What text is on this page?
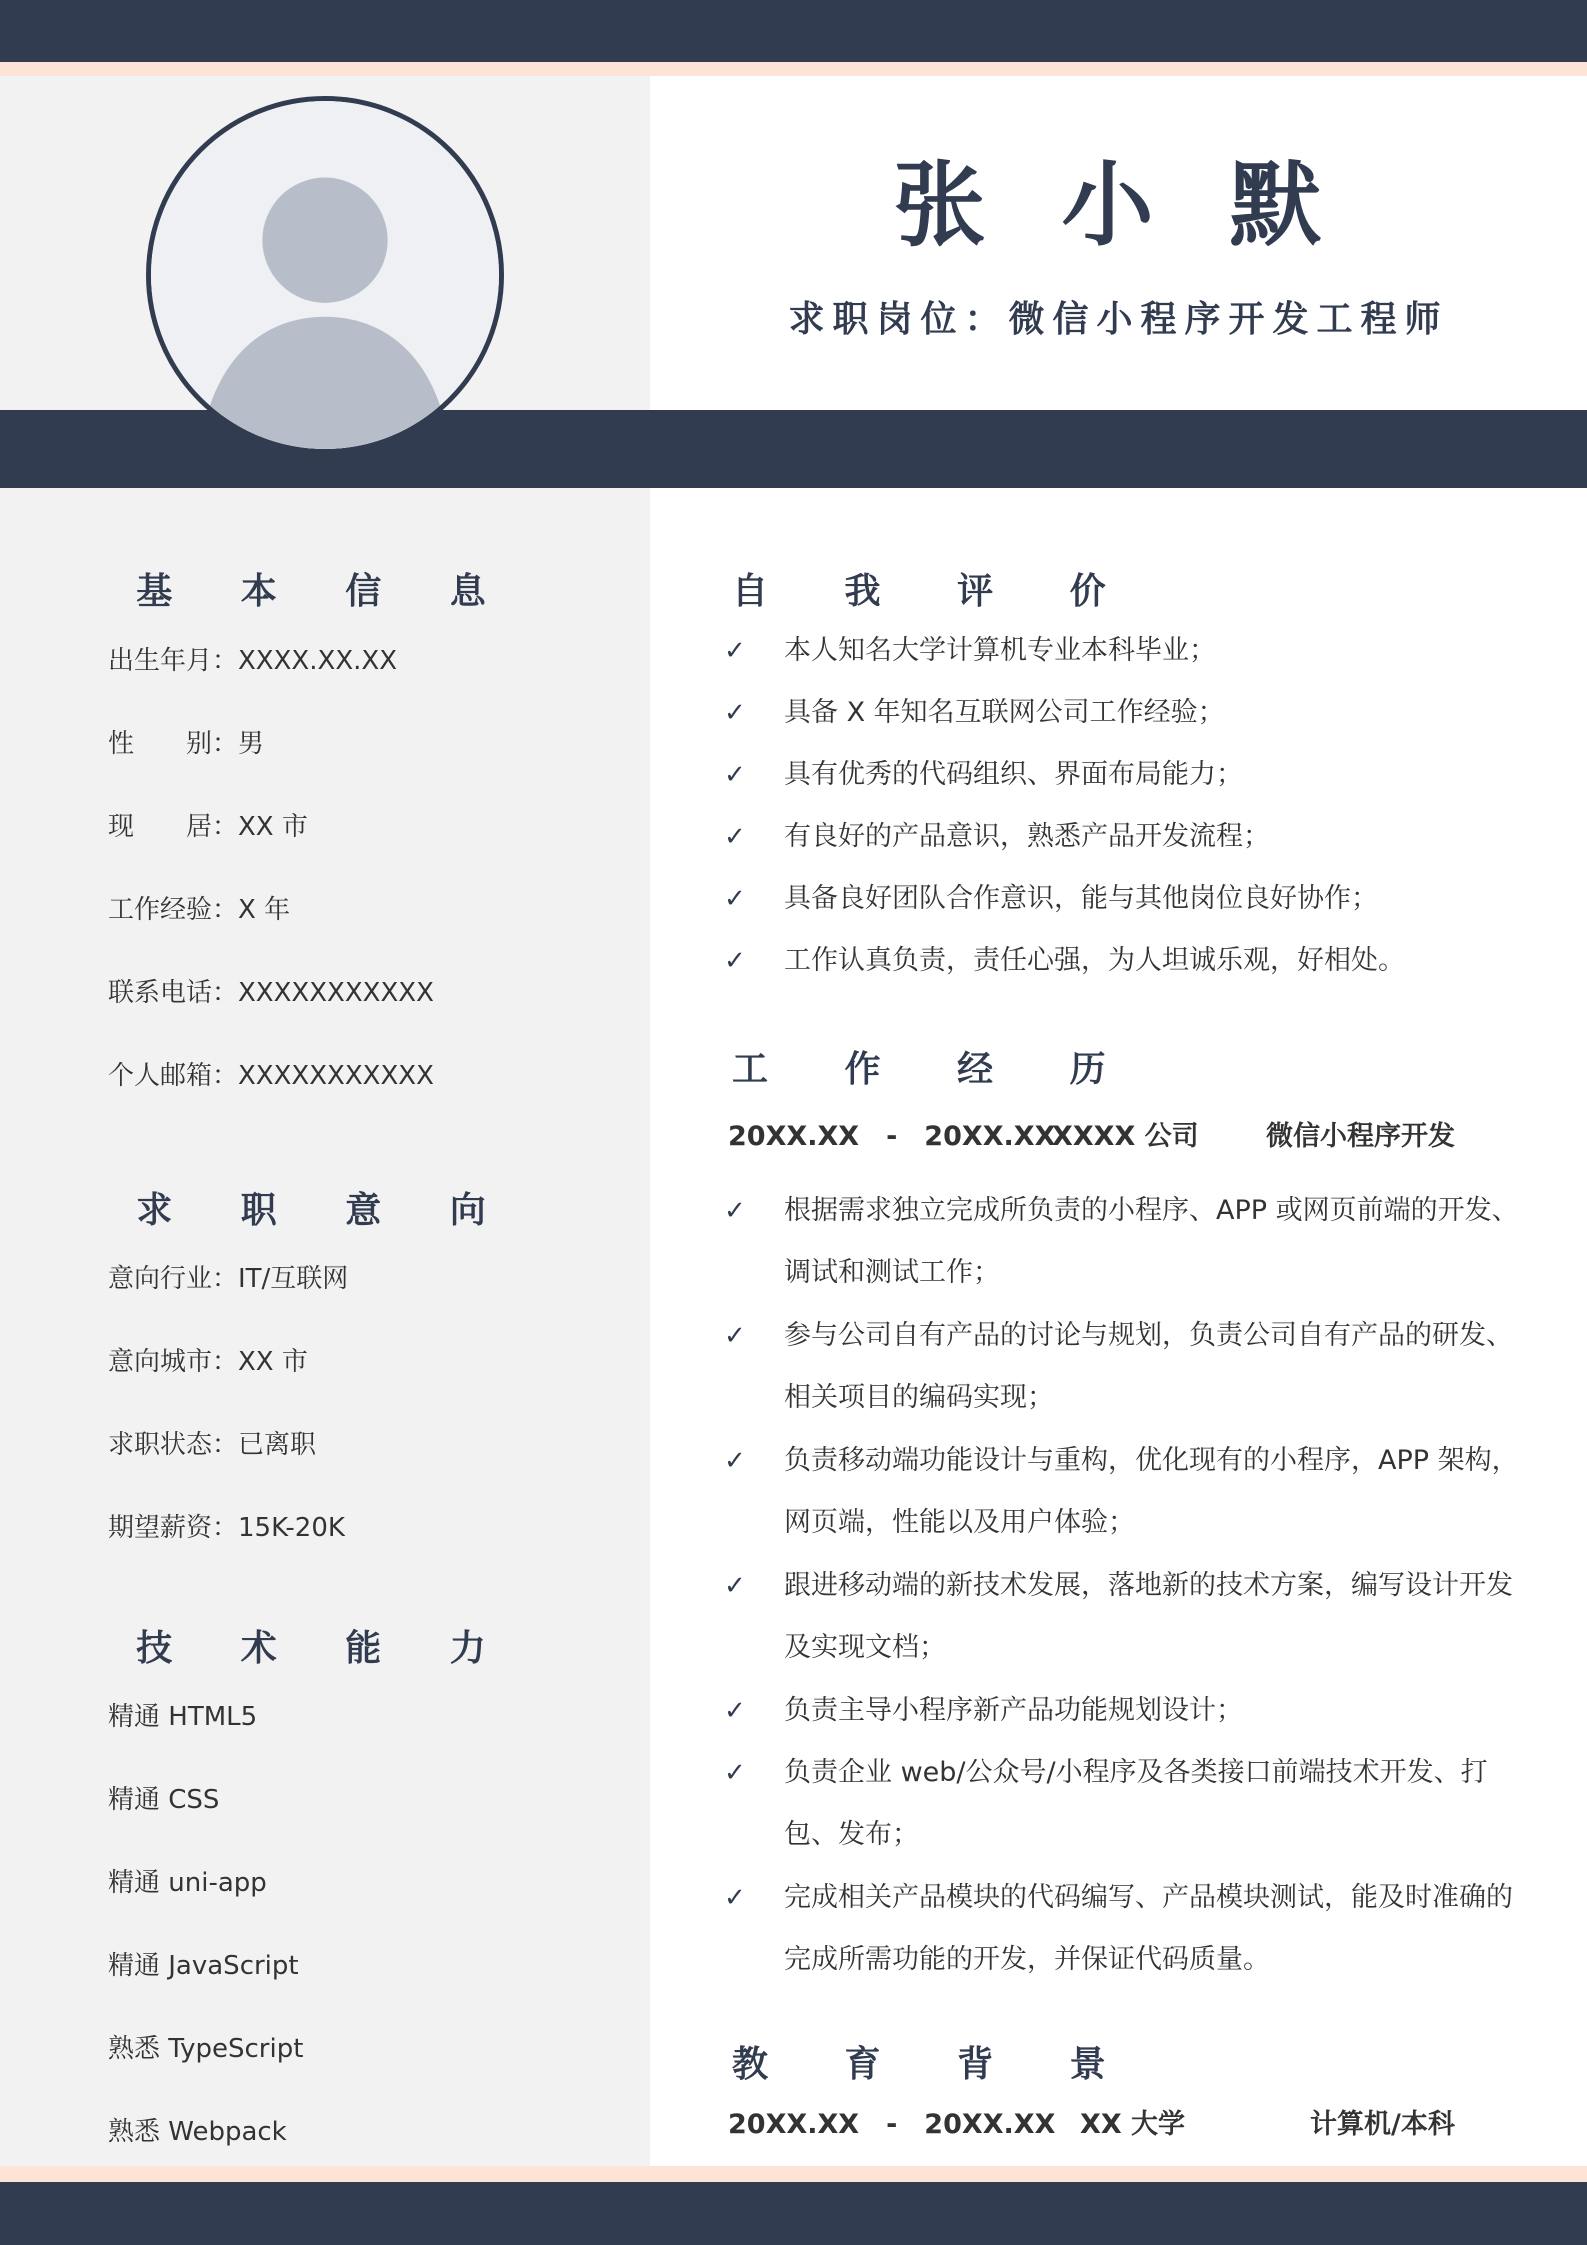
张 小 默
求职岗位：微信小程序开发工程师
基 本 信 息
出生年月：XXXX.XX.XX
性　　别：男
现　　居：XX 市
工作经验：X 年
联系电话：XXXXXXXXXXX
个人邮箱：XXXXXXXXXXX
求 职 意 向
意向行业：IT/互联网
意向城市：XX 市
求职状态：已离职
期望薪资：15K-20K
技 术 能 力
精通 HTML5
精通 CSS
精通 uni-app
精通 JavaScript
熟悉 TypeScript
熟悉 Webpack
自 我 评 价
✓	本人知名大学计算机专业本科毕业；
✓	具备 X 年知名互联网公司工作经验；
✓	具有优秀的代码组织、界面布局能力；
✓	有良好的产品意识，熟悉产品开发流程；
✓	具备良好团队合作意识，能与其他岗位良好协作；
✓	工作认真负责，责任心强，为人坦诚乐观，好相处。
工 作 经 历
20XX.XX　-　20XX.XX
XXXX 公司 微信小程序开发
✓	根据需求独立完成所负责的小程序、APP 或网页前端的开发、调试和测试工作；
✓	参与公司自有产品的讨论与规划，负责公司自有产品的研发、相关项目的编码实现；
✓	负责移动端功能设计与重构，优化现有的小程序，APP 架构，网页端，性能以及用户体验；
✓	跟进移动端的新技术发展，落地新的技术方案，编写设计开发及实现文档；
✓	负责主导小程序新产品功能规划设计；
✓	负责企业 web/公众号/小程序及各类接口前端技术开发、打包、发布；
✓	完成相关产品模块的代码编写、产品模块测试，能及时准确的完成所需功能的开发，并保证代码质量。
教 育 背 景
20XX.XX　-　20XX.XX XX 大学	计算机/本科
